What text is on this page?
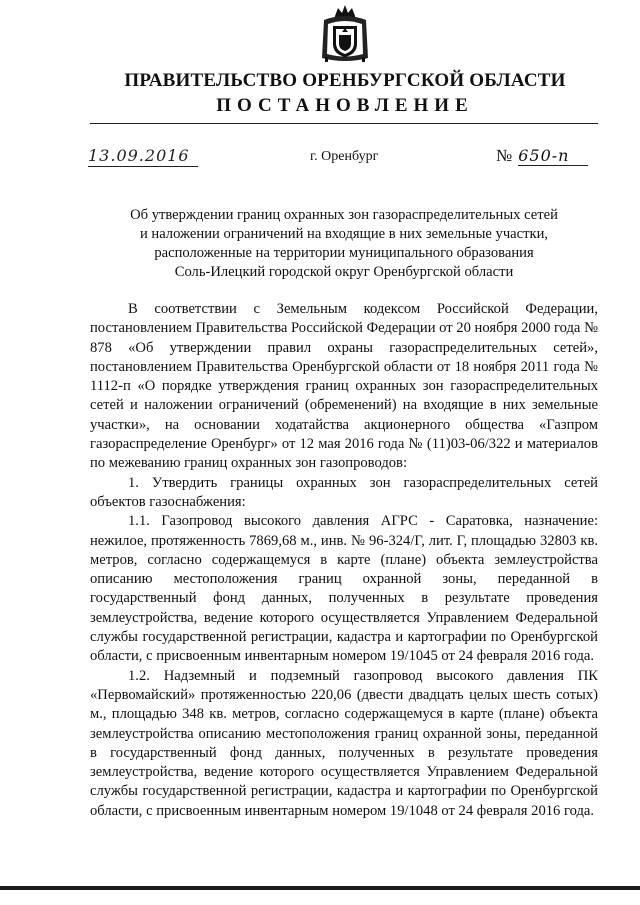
ПРАВИТЕЛЬСТВО ОРЕНБУРГСКОЙ ОБЛАСТИ
ПОСТАНОВЛЕНИЕ
13.09.2016	г. Оренбург	№ 650-п
Об утверждении границ охранных зон газораспределительных сетей
и наложении ограничений на входящие в них земельные участки,
расположенные на территории муниципального образования
Соль-Илецкий городской округ Оренбургской области

В соответствии с Земельным кодексом Российской Федерации, постановлением Правительства Российской Федерации от 20 ноября 2000 года № 878 «Об утверждении правил охраны газораспределительных сетей», постановлением Правительства Оренбургской области от 18 ноября 2011 года № 1112-п «О порядке утверждения границ охранных зон газораспределительных сетей и наложении ограничений (обременений) на входящие в них земельные участки», на основании ходатайства акционерного общества «Газпром газораспределение Оренбург» от 12 мая 2016 года № (11)03-06/322 и материалов по межеванию границ охранных зон газопроводов:

1. Утвердить границы охранных зон газораспределительных сетей объектов газоснабжения:

1.1. Газопровод высокого давления АГРС - Саратовка, назначение: нежилое, протяженность 7869,68 м., инв. № 96-324/Г, лит. Г, площадью 32803 кв. метров, согласно содержащемуся в карте (плане) объекта землеустройства описанию местоположения границ охранной зоны, переданной в государственный фонд данных, полученных в результате проведения землеустройства, ведение которого осуществляется Управлением Федеральной службы государственной регистрации, кадастра и картографии по Оренбургской области, с присвоенным инвентарным номером 19/1045 от 24 февраля 2016 года.

1.2. Надземный и подземный газопровод высокого давления ПК «Первомайский» протяженностью 220,06 (двести двадцать целых шесть сотых) м., площадью 348 кв. метров, согласно содержащемуся в карте (плане) объекта землеустройства описанию местоположения границ охранной зоны, переданной в государственный фонд данных, полученных в результате проведения землеустройства, ведение которого осуществляется Управлением Федеральной службы государственной регистрации, кадастра и картографии по Оренбургской области, с присвоенным инвентарным номером 19/1048 от 24 февраля 2016 года.
